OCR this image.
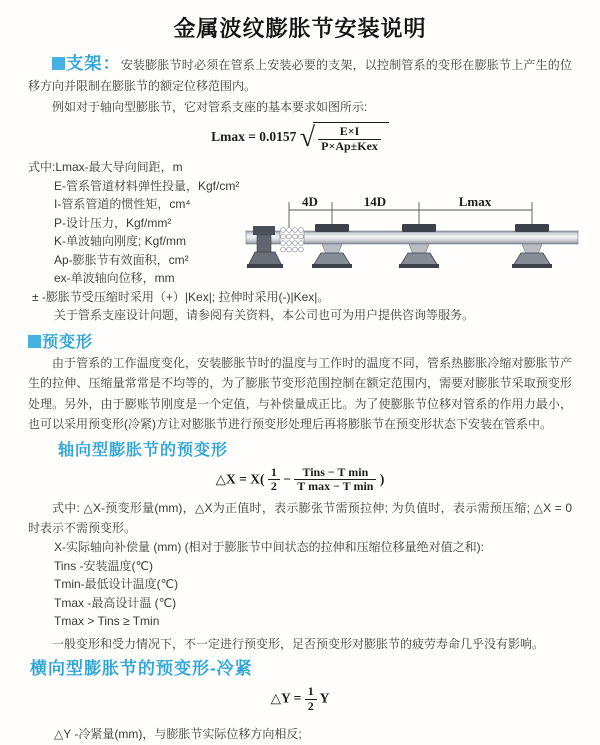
金属波纹膨胀节安装说明

支架：安装膨胀节时必须在管系上安装必要的支架，以控制管系的变形在膨胀节上产生的位移方向并限制在膨胀节的额定位移范围内。

例如对于轴向型膨胀节，它对管系支座的基本要求如图所示:

Lmax = 0.0157 √ $\frac{E\times I}{\text{P×Ap±Kex}}$
式中:Lmax-最大导向间距，m
E-管系管道材料弹性投量，Kgf/cm²
I-管系管道的惯性矩，cm⁴
P-设计压力，Kgf/mm²
K-单波轴向刚度; Kgf/mm
Ap-膨胀节有效面积，cm²
ex-单波轴向位移，mm
± -膨胀节受压缩时采用（+）|Kex|; 拉伸时采用(-)|Kex|。
关于管系支座设计问题，请参阅有关资料，本公司也可为用户提供咨询等服务。
预变形

由于管系的工作温度变化，安装膨胀节时的温度与工作时的温度不同，管系热膨胀冷缩对膨胀节产生的拉伸、压缩量常常是不均等的，为了膨胀节变形范围控制在额定范围内，需要对膨胀节采取预变形处理。另外，由于膨账节刚度是一个定值，与补偿量成正比。为了使膨胀节位移对管系的作用力最小，也可以采用预变形(冷紧)方让对膨胀节进行预变形处理后再将膨胀节在预变形状态下安装在管系中。

轴向型膨胀节的预变形
△X = $X( \frac{1}{2} - \frac{\text{Tins − T min}}{\text{T max − T min}}$ )

式中: △X-预变形量(mm)，△X为正值时，表示膨张节需预拉伸; 为负值时，表示需预压缩; △X = 0时表示不需预变形。

X-实际轴向补偿量 (mm) (相对于膨胀节中间状态的拉伸和压缩位移量绝对值之和):
Tins -安装温度(℃)
Tmin-最低设计温度(℃)
Tmax -最高设计温 (℃)
Tmax > Tins ≥ Tmin
一般变形和受力情况下，不一定进行预变形，足否预变形对膨胀节的疲劳寿命几乎没有影响。
横向型膨胀节的预变形-冷紧
△Y = $\frac{1}{2}$ Y

△Y -冷紧量(mm)，与膨胀节实际位移方向相反;

4D	14D	Lmax
